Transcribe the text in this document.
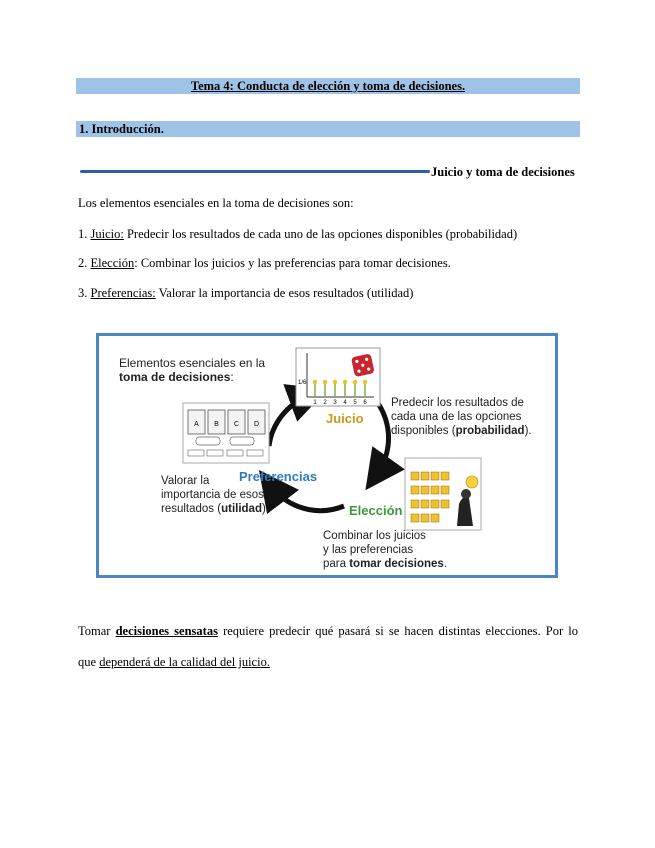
Tema 4: Conducta de elección y toma de decisiones.
1. Introducción.
Juicio y toma de decisiones
Los elementos esenciales en la toma de decisiones son:
1. Juicio: Predecir los resultados de cada uno de las opciones disponibles (probabilidad)
2. Elección: Combinar los juicios y las preferencias para tomar decisiones.
3. Preferencias: Valorar la importancia de esos resultados (utilidad)
1/6
1 2 3 4 5 6
A B C D
Elementos esenciales en la
toma de decisiones:
Juicio
Preferencias
Elección
Predecir los resultados de
cada una de las opciones
disponibles (probabilidad).
Valorar la
importancia de esos
resultados (utilidad).
Combinar los juicios
y las preferencias
para tomar decisiones.
Tomar decisiones sensatas requiere predecir qué pasará si se hacen distintas elecciones. Por lo
que dependerá de la calidad del juicio.
